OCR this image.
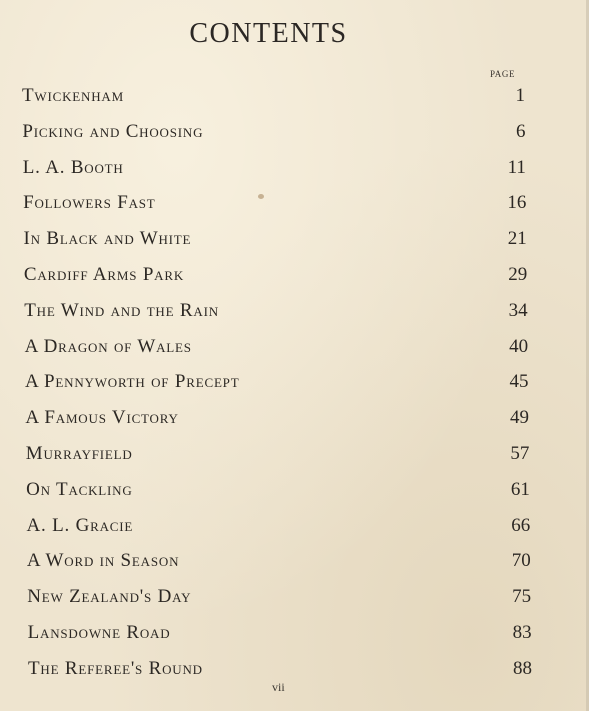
CONTENTS
PAGE
Twickenham	1
Picking and Choosing	6
L. A. Booth	11
Followers Fast	16
In Black and White	21
Cardiff Arms Park	29
The Wind and the Rain	34
A Dragon of Wales	40
A Pennyworth of Precept	45
A Famous Victory	49
Murrayfield	57
On Tackling	61
A. L. Gracie	66
A Word in Season	70
New Zealand's Day	75
Lansdowne Road	83
The Referee's Round	88
vii
